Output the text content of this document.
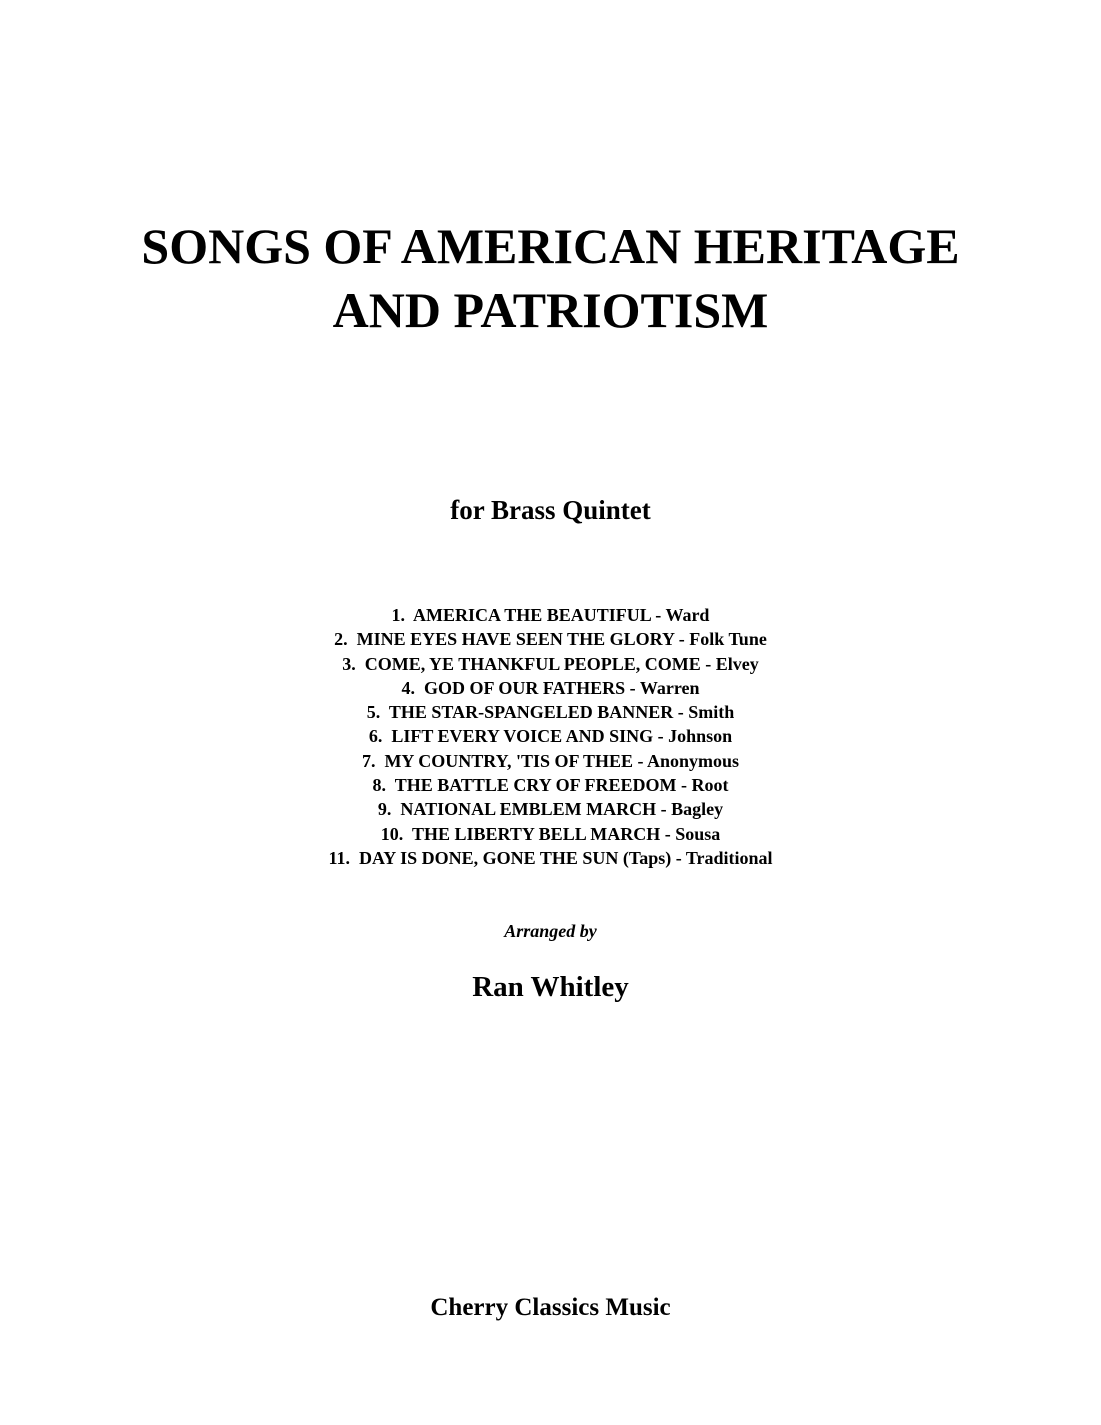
SONGS OF AMERICAN HERITAGE
AND PATRIOTISM
for Brass Quintet
1.  AMERICA THE BEAUTIFUL - Ward
2.  MINE EYES HAVE SEEN THE GLORY - Folk Tune
3.  COME, YE THANKFUL PEOPLE, COME - Elvey
4.  GOD OF OUR FATHERS - Warren
5.  THE STAR-SPANGELED BANNER - Smith
6.  LIFT EVERY VOICE AND SING - Johnson
7.  MY COUNTRY, 'TIS OF THEE - Anonymous
8.  THE BATTLE CRY OF FREEDOM - Root
9.  NATIONAL EMBLEM MARCH - Bagley
10.  THE LIBERTY BELL MARCH - Sousa
11.  DAY IS DONE, GONE THE SUN (Taps) - Traditional
Arranged by
Ran Whitley
Cherry Classics Music
